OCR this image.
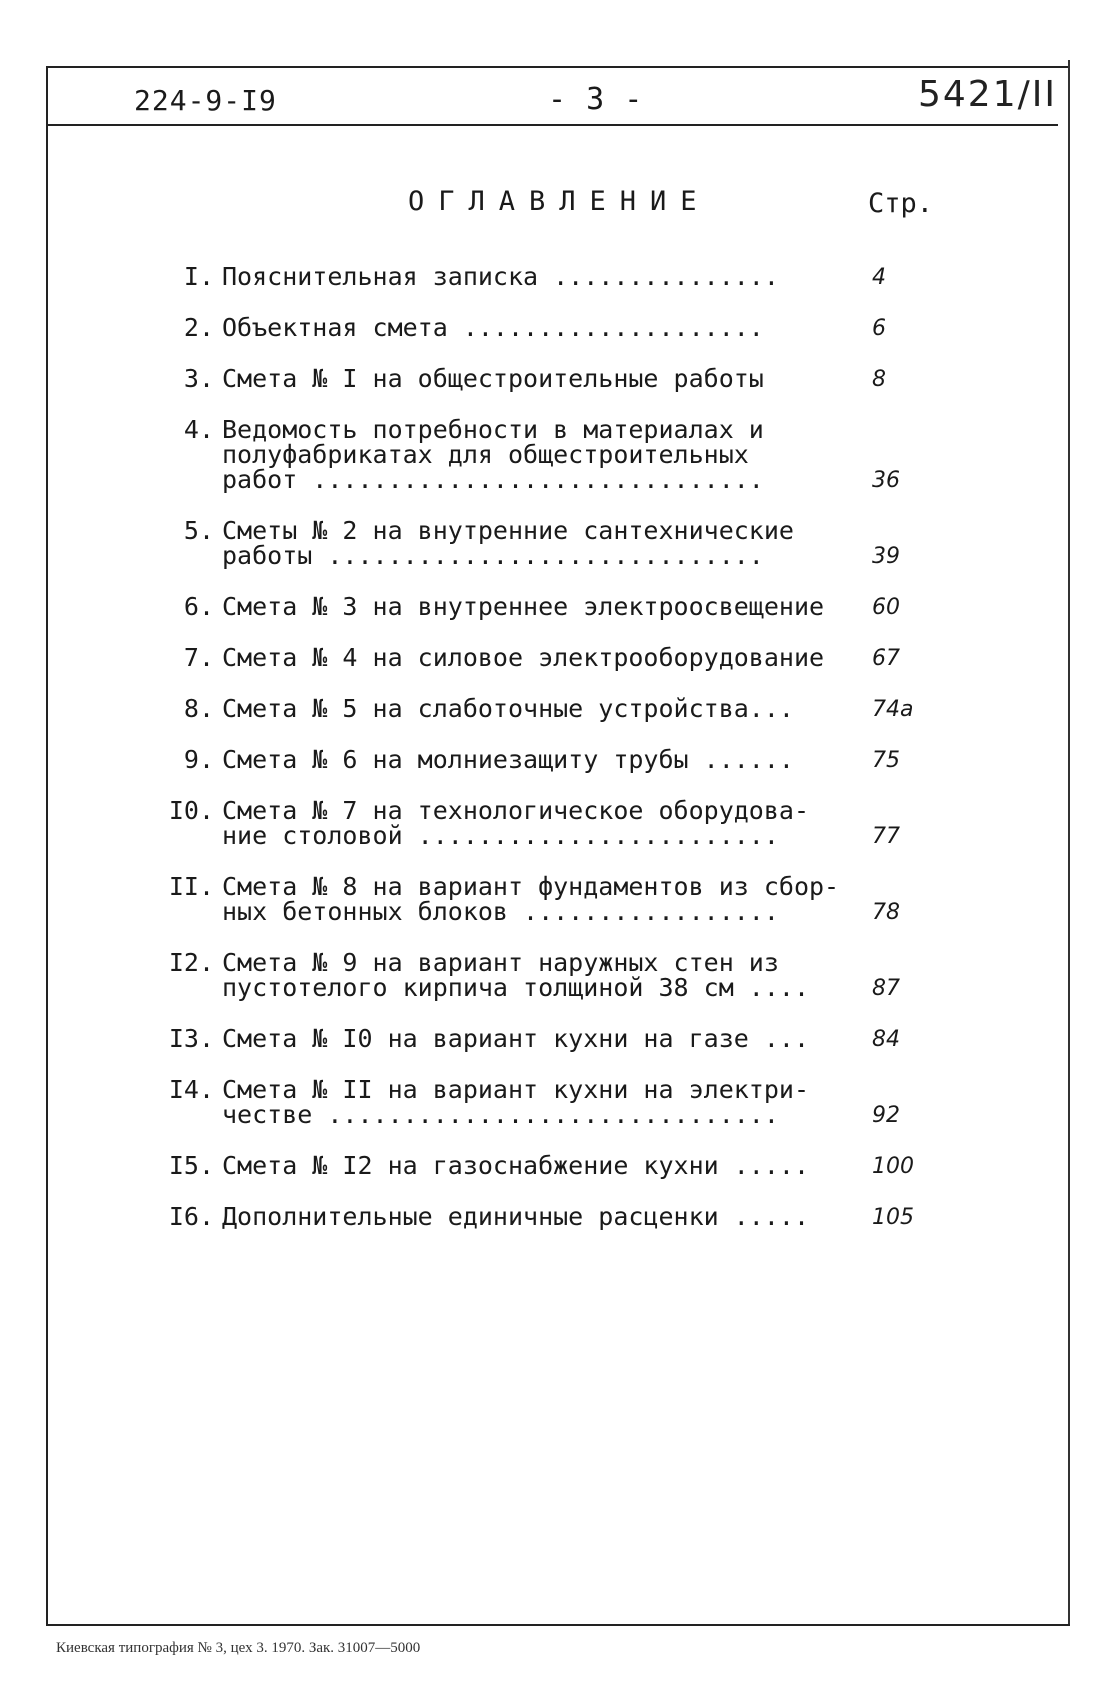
224-9-I9	- 3 -	5421/II
ОГЛАВЛЕНИЕ	Стр.
I. Пояснительная записка ...............	4
2. Объектная смета ....................	6
3. Смета № I на общестроительные работы	8
4. Ведомость потребности в материалах и
полуфабрикатах для общестроительных
работ ..............................	36
5. Сметы № 2 на внутренние сантехнические
работы .............................	39
6. Смета № 3 на внутреннее электроосвещение	60
7. Смета № 4 на силовое электрооборудование	67
8. Смета № 5 на слаботочные устройства...	74а
9. Смета № 6 на молниезащиту трубы ......	75
I0. Смета № 7 на технологическое оборудова-
ние столовой ........................	77
II. Смета № 8 на вариант фундаментов из сбор-
ных бетонных блоков .................	78
I2. Смета № 9 на вариант наружных стен из
пустотелого кирпича толщиной 38 см ....	87
I3. Смета № I0 на вариант кухни на газе ...	84
I4. Смета № II на вариант кухни на электри-
честве ..............................	92
I5. Смета № I2 на газоснабжение кухни .....	100
I6. Дополнительные единичные расценки .....	105
Киевская типография № 3, цех 3. 1970. Зак. 31007—5000
